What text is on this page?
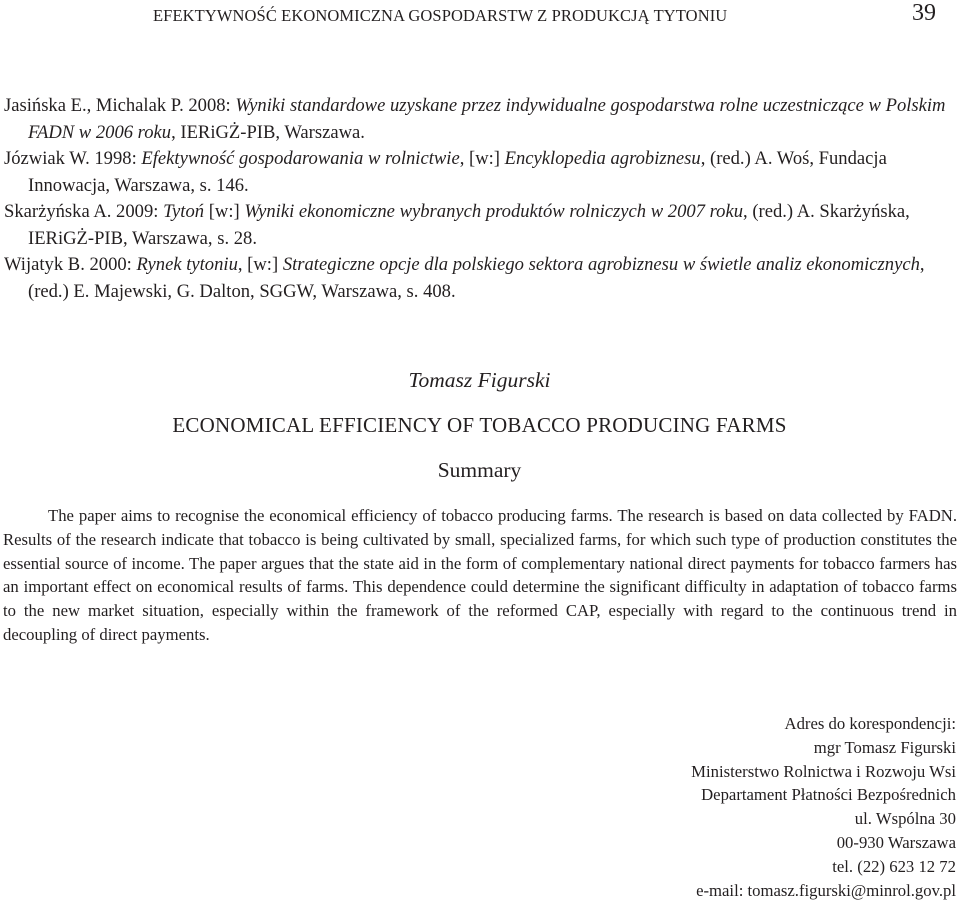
EFEKTYWNOŚĆ EKONOMICZNA GOSPODARSTW Z PRODUKCJĄ TYTONIU	39
Jasińska E., Michalak P. 2008: Wyniki standardowe uzyskane przez indywidualne gospodarstwa rolne uczestniczące w Polskim FADN w 2006 roku, IERiGŻ-PIB, Warszawa.
Józwiak W. 1998: Efektywność gospodarowania w rolnictwie, [w:] Encyklopedia agrobiznesu, (red.) A. Woś, Fundacja Innowacja, Warszawa, s. 146.
Skarżyńska A. 2009: Tytoń [w:] Wyniki ekonomiczne wybranych produktów rolniczych w 2007 roku, (red.) A. Skarżyńska, IERiGŻ-PIB, Warszawa, s. 28.
Wijatyk B. 2000: Rynek tytoniu, [w:] Strategiczne opcje dla polskiego sektora agrobiznesu w świetle analiz ekonomicznych, (red.) E. Majewski, G. Dalton, SGGW, Warszawa, s. 408.
Tomasz Figurski
ECONOMICAL EFFICIENCY OF TOBACCO PRODUCING FARMS
Summary
The paper aims to recognise the economical efficiency of tobacco producing farms. The research is based on data collected by FADN. Results of the research indicate that tobacco is being cultivated by small, specialized farms, for which such type of production constitutes the essential source of income. The paper argues that the state aid in the form of complementary national direct payments for tobacco farmers has an important effect on economical results of farms. This dependence could determine the significant difficulty in adaptation of tobacco farms to the new market situation, especially within the framework of the reformed CAP, especially with regard to the continuous trend in decoupling of direct payments.
Adres do korespondencji:
mgr Tomasz Figurski
Ministerstwo Rolnictwa i Rozwoju Wsi
Departament Płatności Bezpośrednich
ul. Wspólna 30
00-930 Warszawa
tel. (22) 623 12 72
e-mail: tomasz.figurski@minrol.gov.pl
